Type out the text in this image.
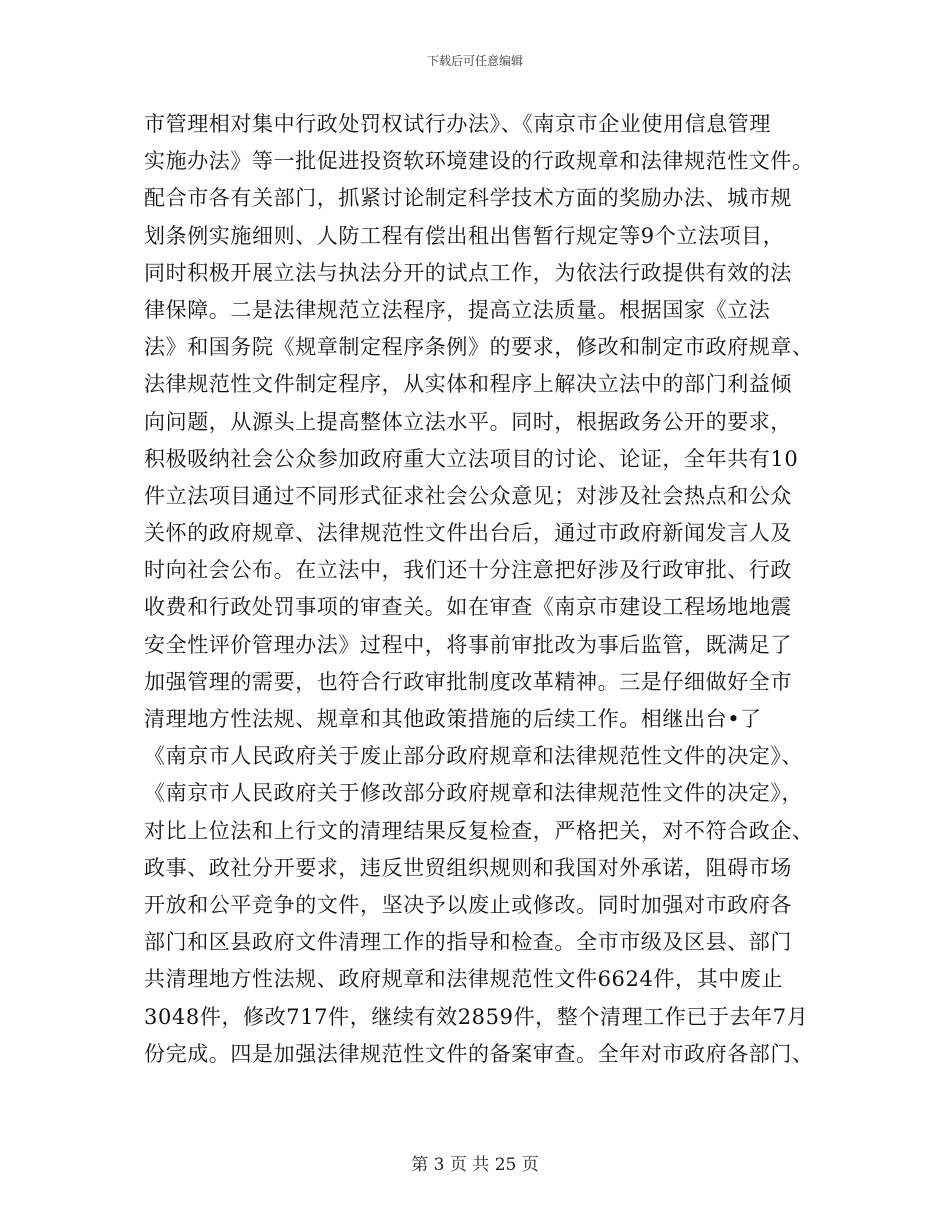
下载后可任意编辑
市管理相对集中行政处罚权试行办法》、《南京市企业使用信息管理
实施办法》等一批促进投资软环境建设的行政规章和法律规范性文件。
配合市各有关部门，抓紧讨论制定科学技术方面的奖励办法、城市规
划条例实施细则、人防工程有偿出租出售暂行规定等9个立法项目，
同时积极开展立法与执法分开的试点工作，为依法行政提供有效的法
律保障。二是法律规范立法程序，提高立法质量。根据国家《立法
法》和国务院《规章制定程序条例》的要求，修改和制定市政府规章、
法律规范性文件制定程序，从实体和程序上解决立法中的部门利益倾
向问题，从源头上提高整体立法水平。同时，根据政务公开的要求，
积极吸纳社会公众参加政府重大立法项目的讨论、论证，全年共有10
件立法项目通过不同形式征求社会公众意见；对涉及社会热点和公众
关怀的政府规章、法律规范性文件出台后，通过市政府新闻发言人及
时向社会公布。在立法中，我们还十分注意把好涉及行政审批、行政
收费和行政处罚事项的审查关。如在审查《南京市建设工程场地地震
安全性评价管理办法》过程中，将事前审批改为事后监管，既满足了
加强管理的需要，也符合行政审批制度改革精神。三是仔细做好全市
清理地方性法规、规章和其他政策措施的后续工作。相继出台•了
《南京市人民政府关于废止部分政府规章和法律规范性文件的决定》、
《南京市人民政府关于修改部分政府规章和法律规范性文件的决定》，
对比上位法和上行文的清理结果反复检查，严格把关，对不符合政企、
政事、政社分开要求，违反世贸组织规则和我国对外承诺，阻碍市场
开放和公平竞争的文件，坚决予以废止或修改。同时加强对市政府各
部门和区县政府文件清理工作的指导和检查。全市市级及区县、部门
共清理地方性法规、政府规章和法律规范性文件6624件，其中废止
3048件，修改717件，继续有效2859件，整个清理工作已于去年7月
份完成。四是加强法律规范性文件的备案审查。全年对市政府各部门、
第 3 页 共 25 页
